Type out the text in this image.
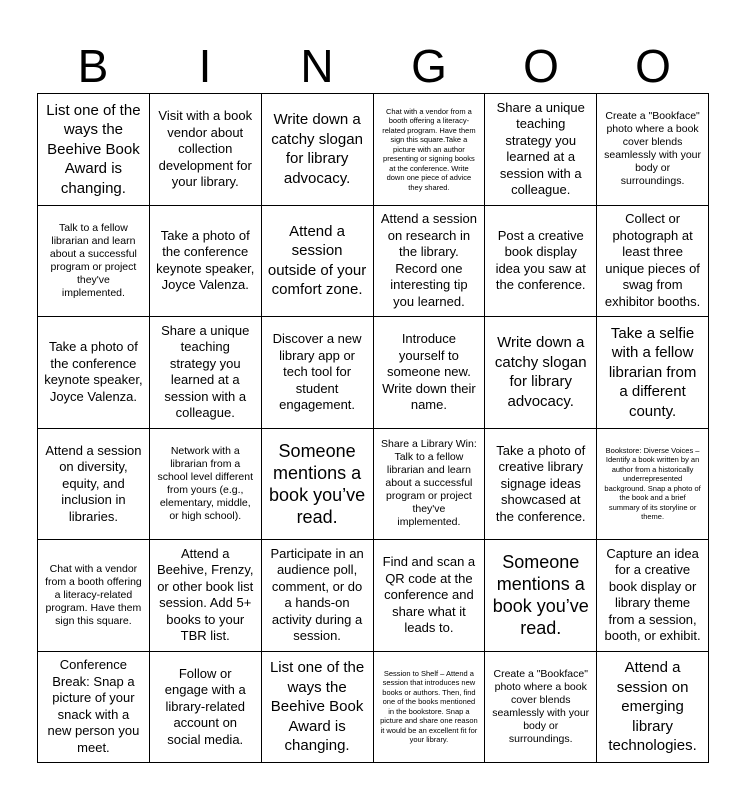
B	I	N	G	O	O
List one of the ways the Beehive Book Award is changing.
Visit with a book vendor about collection development for your library.
Write down a catchy slogan for library advocacy.
Chat with a vendor from a booth offering a literacy-related program. Have them sign this square.Take a picture with an author presenting or signing books at the conference. Write down one piece of advice they shared.
Share a unique teaching strategy you learned at a session with a colleague.
Create a "Bookface" photo where a book cover blends seamlessly with your body or surroundings.
Talk to a fellow librarian and learn about a successful program or project they've implemented.
Take a photo of the conference keynote speaker, Joyce Valenza.
Attend a session outside of your comfort zone.
Attend a session on research in the library. Record one interesting tip you learned.
Post a creative book display idea you saw at the conference.
Collect or photograph at least three unique pieces of swag from exhibitor booths.
Take a photo of the conference keynote speaker, Joyce Valenza.
Share a unique teaching strategy you learned at a session with a colleague.
Discover a new library app or tech tool for student engagement.
Introduce yourself to someone new. Write down their name.
Write down a catchy slogan for library advocacy.
Take a selfie with a fellow librarian from a different county.
Attend a session on diversity, equity, and inclusion in libraries.
Network with a librarian from a school level different from yours (e.g., elementary, middle, or high school).
Someone mentions a book you’ve read.
Share a Library Win: Talk to a fellow librarian and learn about a successful program or project they've implemented.
Take a photo of creative library signage ideas showcased at the conference.
Bookstore: Diverse Voices – Identify a book written by an author from a historically underrepresented background. Snap a photo of the book and a brief summary of its storyline or theme.
Chat with a vendor from a booth offering a literacy-related program. Have them sign this square.
Attend a Beehive, Frenzy, or other book list session. Add 5+ books to your TBR list.
Participate in an audience poll, comment, or do a hands-on activity during a session.
Find and scan a QR code at the conference and share what it leads to.
Someone mentions a book you’ve read.
Capture an idea for a creative book display or library theme from a session, booth, or exhibit.
Conference Break: Snap a picture of your snack with a new person you meet.
Follow or engage with a library-related account on social media.
List one of the ways the Beehive Book Award is changing.
Session to Shelf – Attend a session that introduces new books or authors. Then, find one of the books mentioned in the bookstore. Snap a picture and share one reason it would be an excellent fit for your library.
Create a "Bookface" photo where a book cover blends seamlessly with your body or surroundings.
Attend a session on emerging library technologies.
